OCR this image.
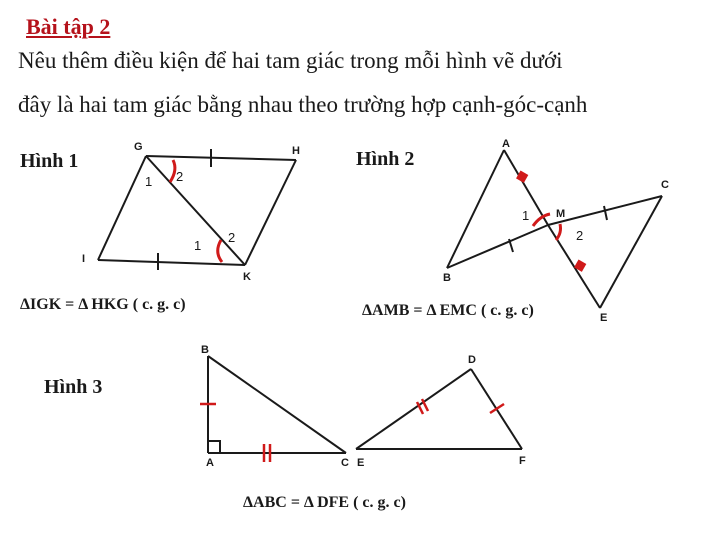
Bài tập 2
Nêu thêm điều kiện để hai tam giác trong mỗi hình vẽ dưới
đây là hai tam giác bằng nhau theo trường hợp cạnh-góc-cạnh
Hình 1	Hình 2
Hình 3
ΔIGK = Δ HKG ( c. g. c)	ΔAMB = Δ EMC ( c. g. c)
ΔABC = Δ DFE ( c. g. c)
G	H
I
K
1 2
1
2
A
C
M
B
E
1
2
B
A	C E
D
F
